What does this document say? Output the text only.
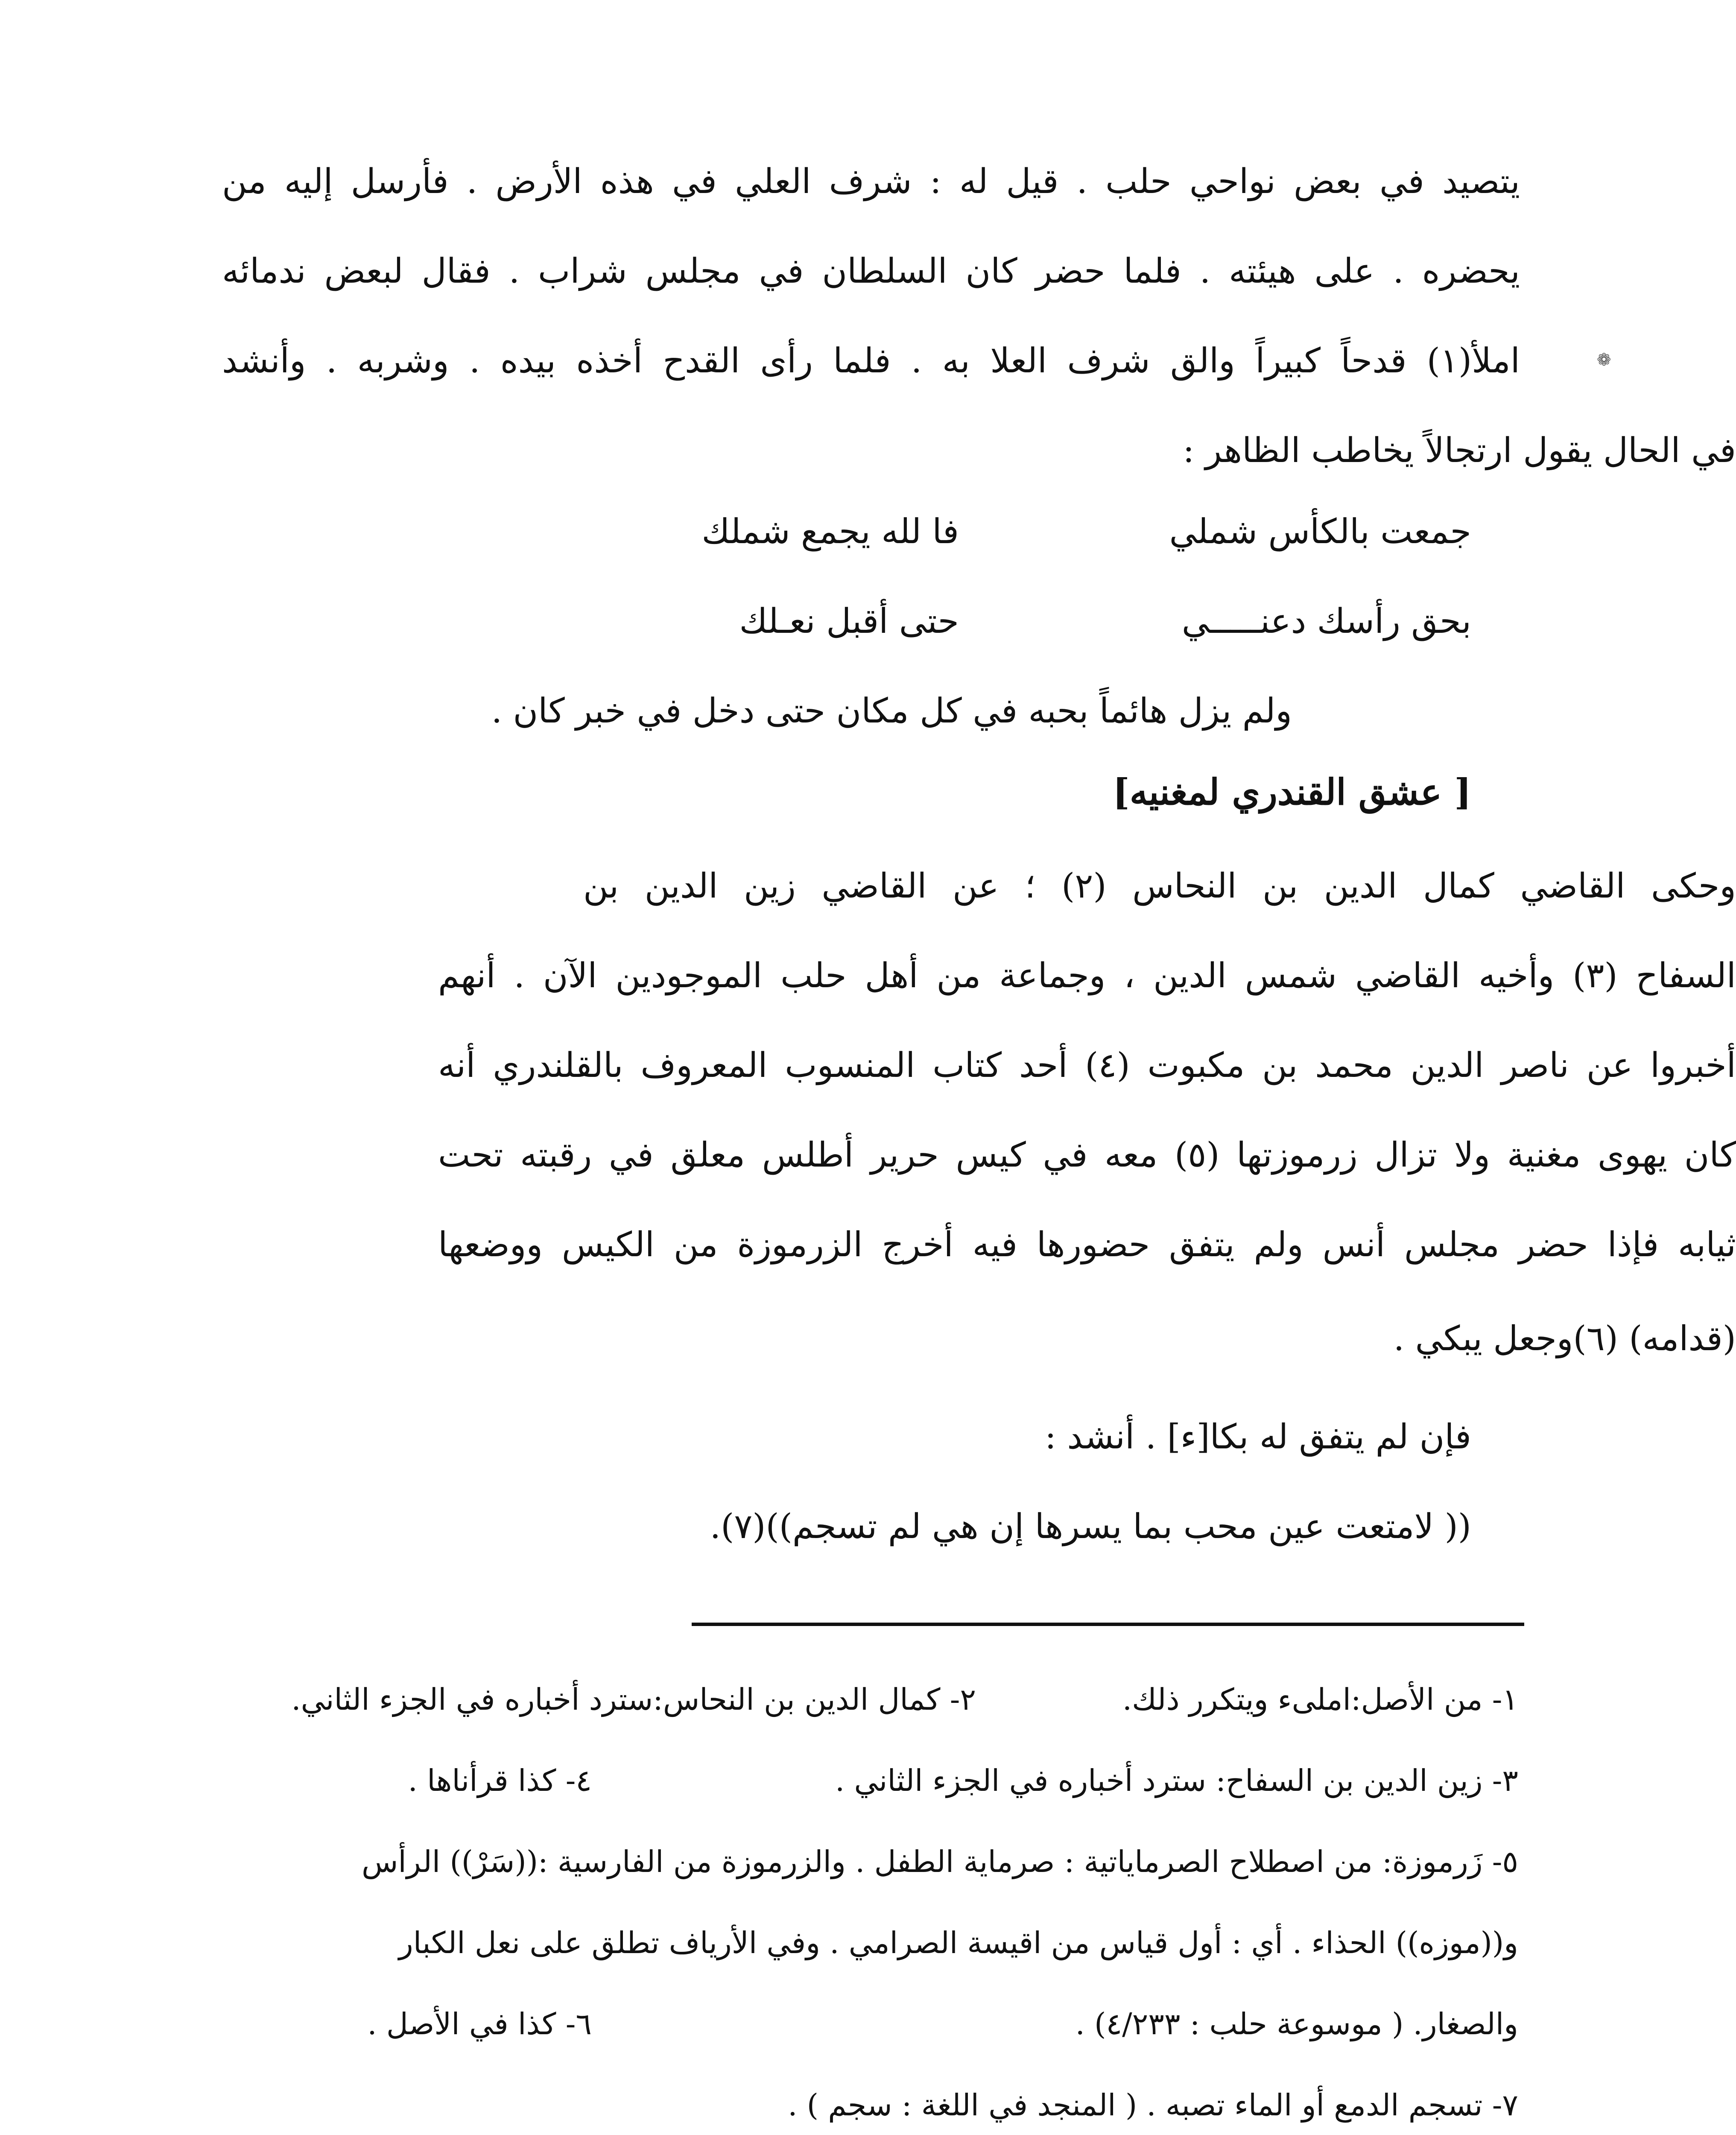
❁
يتصيد في بعض نواحي حلب . قيل له : شرف العلي في هذه الأرض . فأرسل إليه من
يحضره . على هيئته . فلما حضر كان السلطان في مجلس شراب . فقال لبعض ندمائه
املأ(١) قدحاً كبيراً والق شرف العلا به . فلما رأى القدح أخذه بيده . وشربه . وأنشد
في الحال يقول ارتجالاً يخاطب الظاهر :
جمعت بالكأس شملي
فا لله يجمع شملك
بحق رأسك دعنـــــي
حتى أقبل نعـلك
ولم يزل هائماً بحبه في كل مكان حتى دخل في خبر كان .
[ عشق القندري لمغنيه]
وحكى القاضي كمال الدين بن النحاس (٢) ؛ عن القاضي زين الدين بن
السفاح (٣) وأخيه القاضي شمس الدين ، وجماعة من أهل حلب الموجودين الآن . أنهم
أخبروا عن ناصر الدين محمد بن مكبوت (٤) أحد كتاب المنسوب المعروف بالقلندري أنه
كان يهوى مغنية ولا تزال زرموزتها (٥) معه في كيس حرير أطلس معلق في رقبته تحت
ثيابه فإذا حضر مجلس أنس ولم يتفق حضورها فيه أخرج الزرموزة من الكيس ووضعها
(قدامه) (٦)وجعل يبكي .
فإن لم يتفق له بكا[ء] . أنشد :
(( لامتعت عين محب بما يسرها إن هي لم تسجم))(٧).
١- من الأصل:املىء ويتكرر ذلك.
٢- كمال الدين بن النحاس:سترد أخباره في الجزء الثاني.
٣- زين الدين بن السفاح: سترد أخباره في الجزء الثاني .
٤- كذا قرأناها .
٥- زَرموزة: من اصطلاح الصرماياتية : صرماية الطفل . والزرموزة من الفارسية :((سَرْ)) الرأس
و((موزه)) الحذاء . أي : أول قياس من اقيسة الصرامي . وفي الأرياف تطلق على نعل الكبار
والصغار. ( موسوعة حلب : ٤/٢٣٣) .
٦- كذا في الأصل .
٧- تسجم الدمع أو الماء تصبه . ( المنجد في اللغة : سجم ) .
